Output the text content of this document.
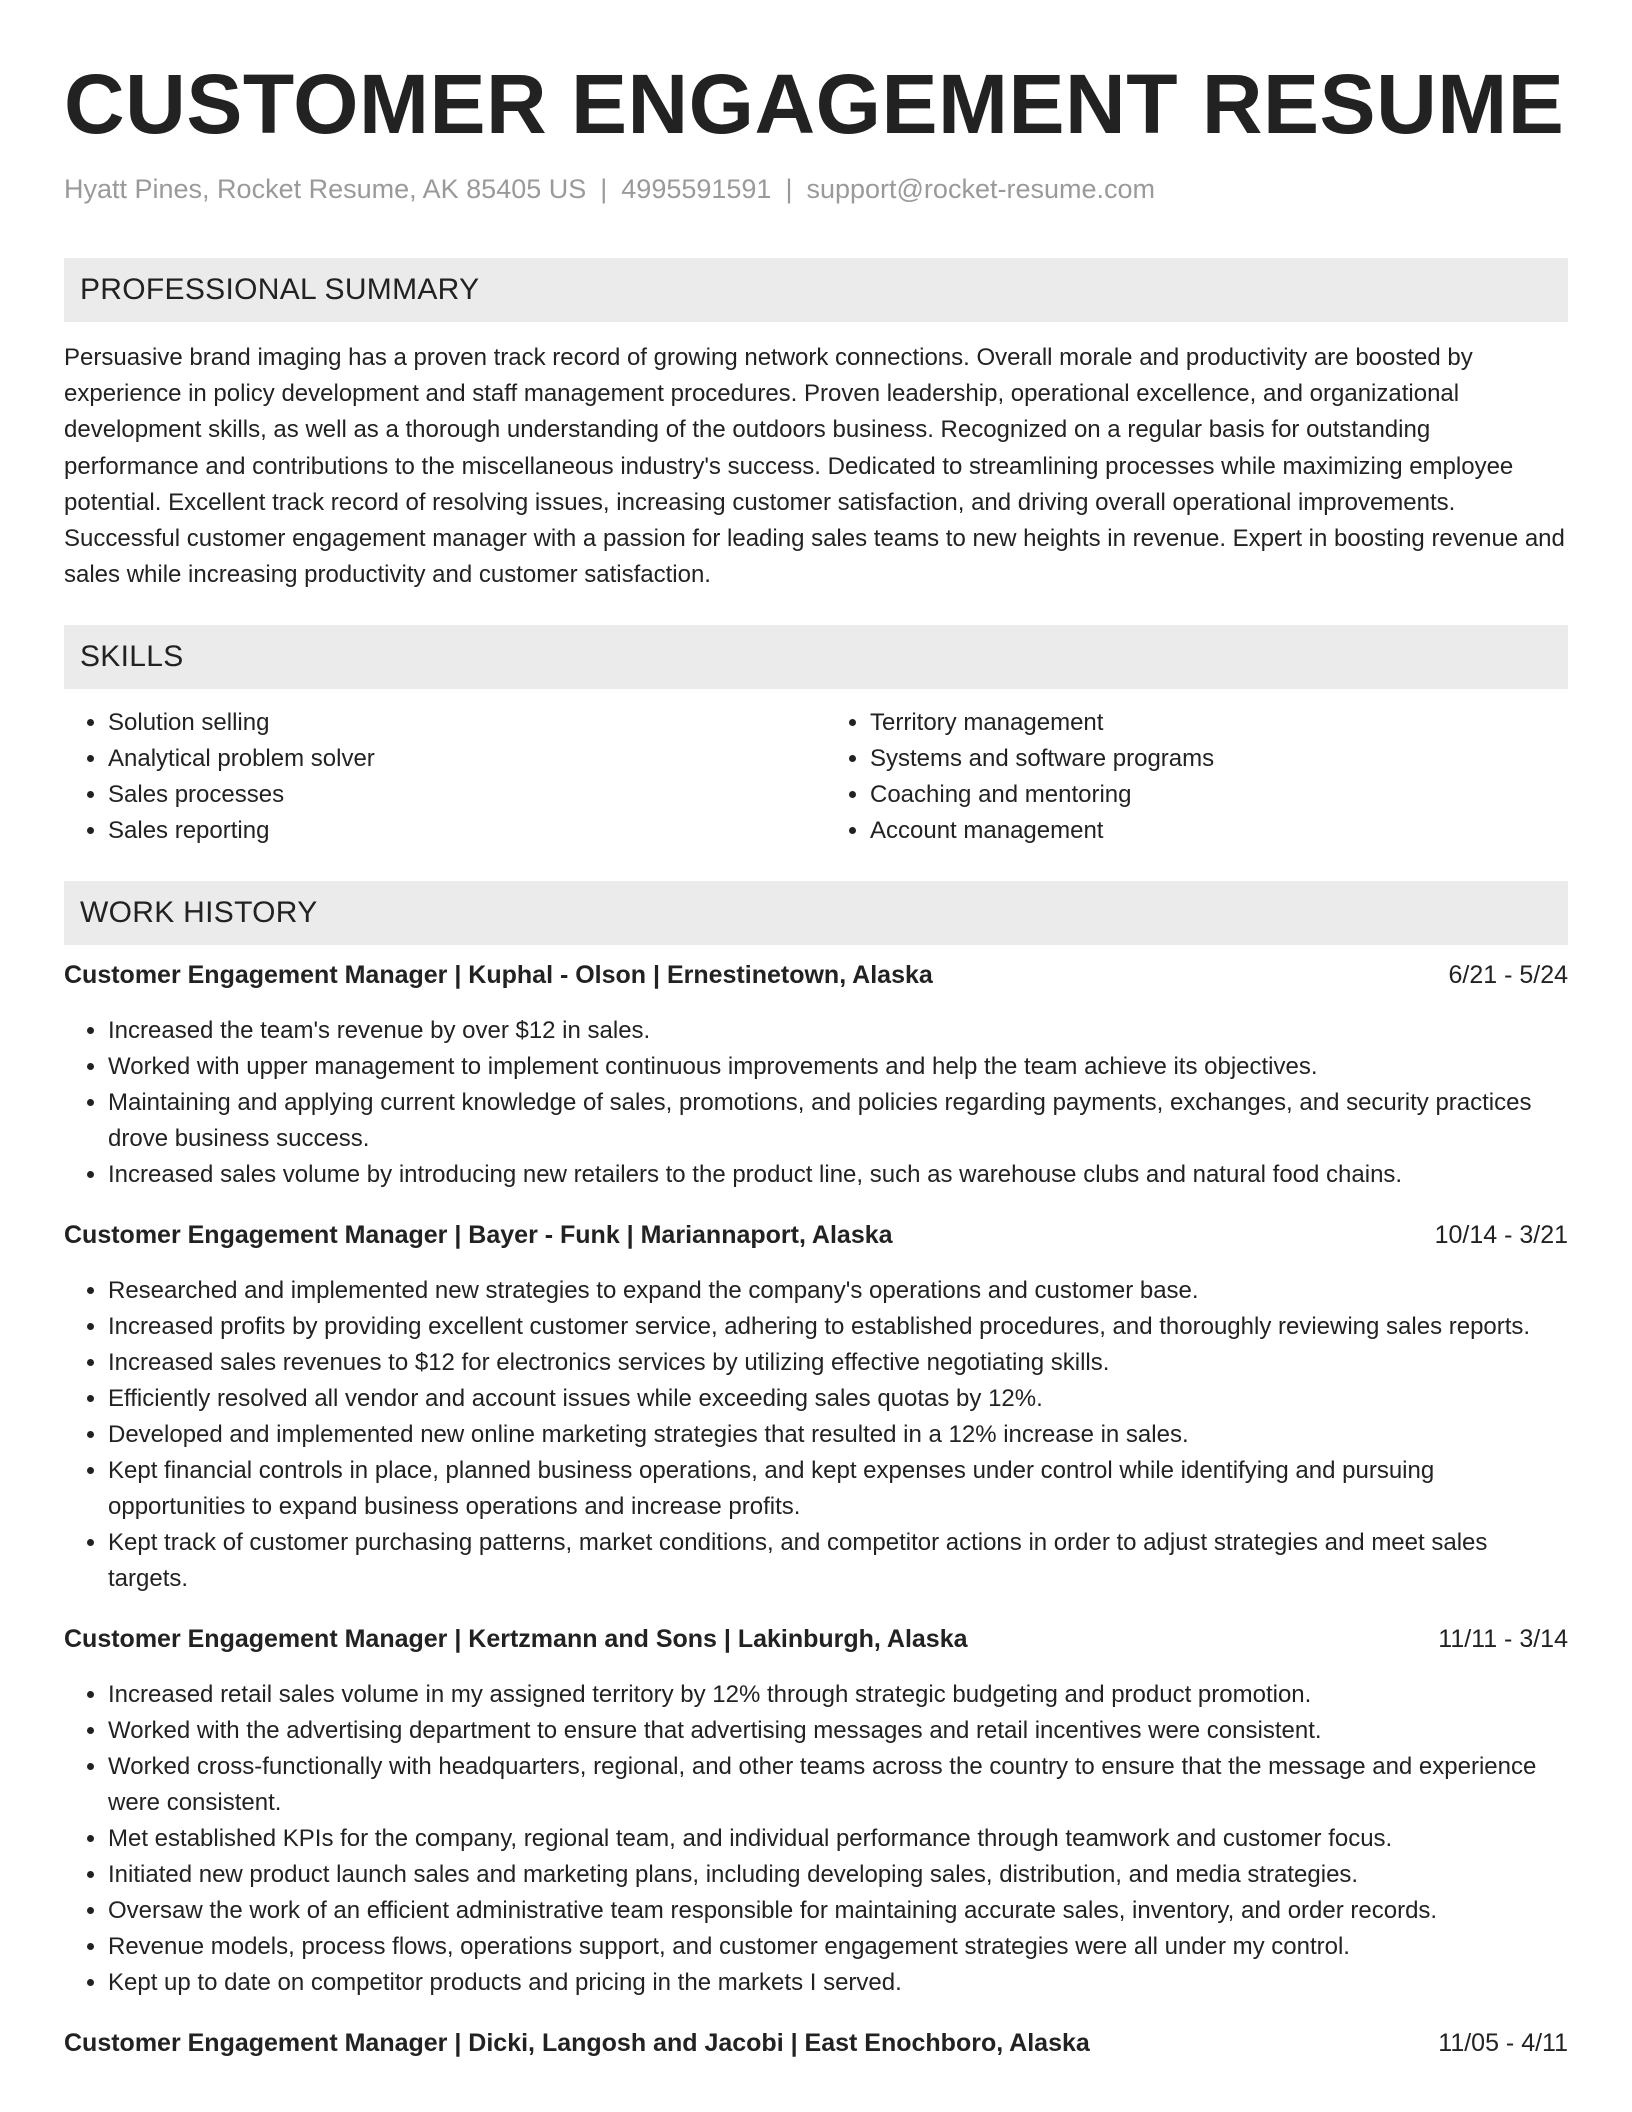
CUSTOMER ENGAGEMENT RESUME
Hyatt Pines, Rocket Resume, AK 85405 US | 4995591591 | support@rocket-resume.com
PROFESSIONAL SUMMARY

Persuasive brand imaging has a proven track record of growing network connections. Overall morale and productivity are boosted by experience in policy development and staff management procedures. Proven leadership, operational excellence, and organizational development skills, as well as a thorough understanding of the outdoors business. Recognized on a regular basis for outstanding performance and contributions to the miscellaneous industry's success. Dedicated to streamlining processes while maximizing employee potential. Excellent track record of resolving issues, increasing customer satisfaction, and driving overall operational improvements. Successful customer engagement manager with a passion for leading sales teams to new heights in revenue. Expert in boosting revenue and sales while increasing productivity and customer satisfaction.

SKILLS
• Solution selling
• Analytical problem solver
• Sales processes
• Sales reporting
• Territory management
• Systems and software programs
• Coaching and mentoring
• Account management
WORK HISTORY
Customer Engagement Manager | Kuphal - Olson | Ernestinetown, Alaska	6/21 - 5/24
• Increased the team's revenue by over $12 in sales.
• Worked with upper management to implement continuous improvements and help the team achieve its objectives.
• Maintaining and applying current knowledge of sales, promotions, and policies regarding payments, exchanges, and security practices drove business success.
• Increased sales volume by introducing new retailers to the product line, such as warehouse clubs and natural food chains.
Customer Engagement Manager | Bayer - Funk | Mariannaport, Alaska	10/14 - 3/21
• Researched and implemented new strategies to expand the company's operations and customer base.
• Increased profits by providing excellent customer service, adhering to established procedures, and thoroughly reviewing sales reports.
• Increased sales revenues to $12 for electronics services by utilizing effective negotiating skills.
• Efficiently resolved all vendor and account issues while exceeding sales quotas by 12%.
• Developed and implemented new online marketing strategies that resulted in a 12% increase in sales.
• Kept financial controls in place, planned business operations, and kept expenses under control while identifying and pursuing opportunities to expand business operations and increase profits.
• Kept track of customer purchasing patterns, market conditions, and competitor actions in order to adjust strategies and meet sales targets.
Customer Engagement Manager | Kertzmann and Sons | Lakinburgh, Alaska	11/11 - 3/14
• Increased retail sales volume in my assigned territory by 12% through strategic budgeting and product promotion.
• Worked with the advertising department to ensure that advertising messages and retail incentives were consistent.
• Worked cross-functionally with headquarters, regional, and other teams across the country to ensure that the message and experience were consistent.
• Met established KPIs for the company, regional team, and individual performance through teamwork and customer focus.
• Initiated new product launch sales and marketing plans, including developing sales, distribution, and media strategies.
• Oversaw the work of an efficient administrative team responsible for maintaining accurate sales, inventory, and order records.
• Revenue models, process flows, operations support, and customer engagement strategies were all under my control.
• Kept up to date on competitor products and pricing in the markets I served.
Customer Engagement Manager | Dicki, Langosh and Jacobi | East Enochboro, Alaska	11/05 - 4/11
